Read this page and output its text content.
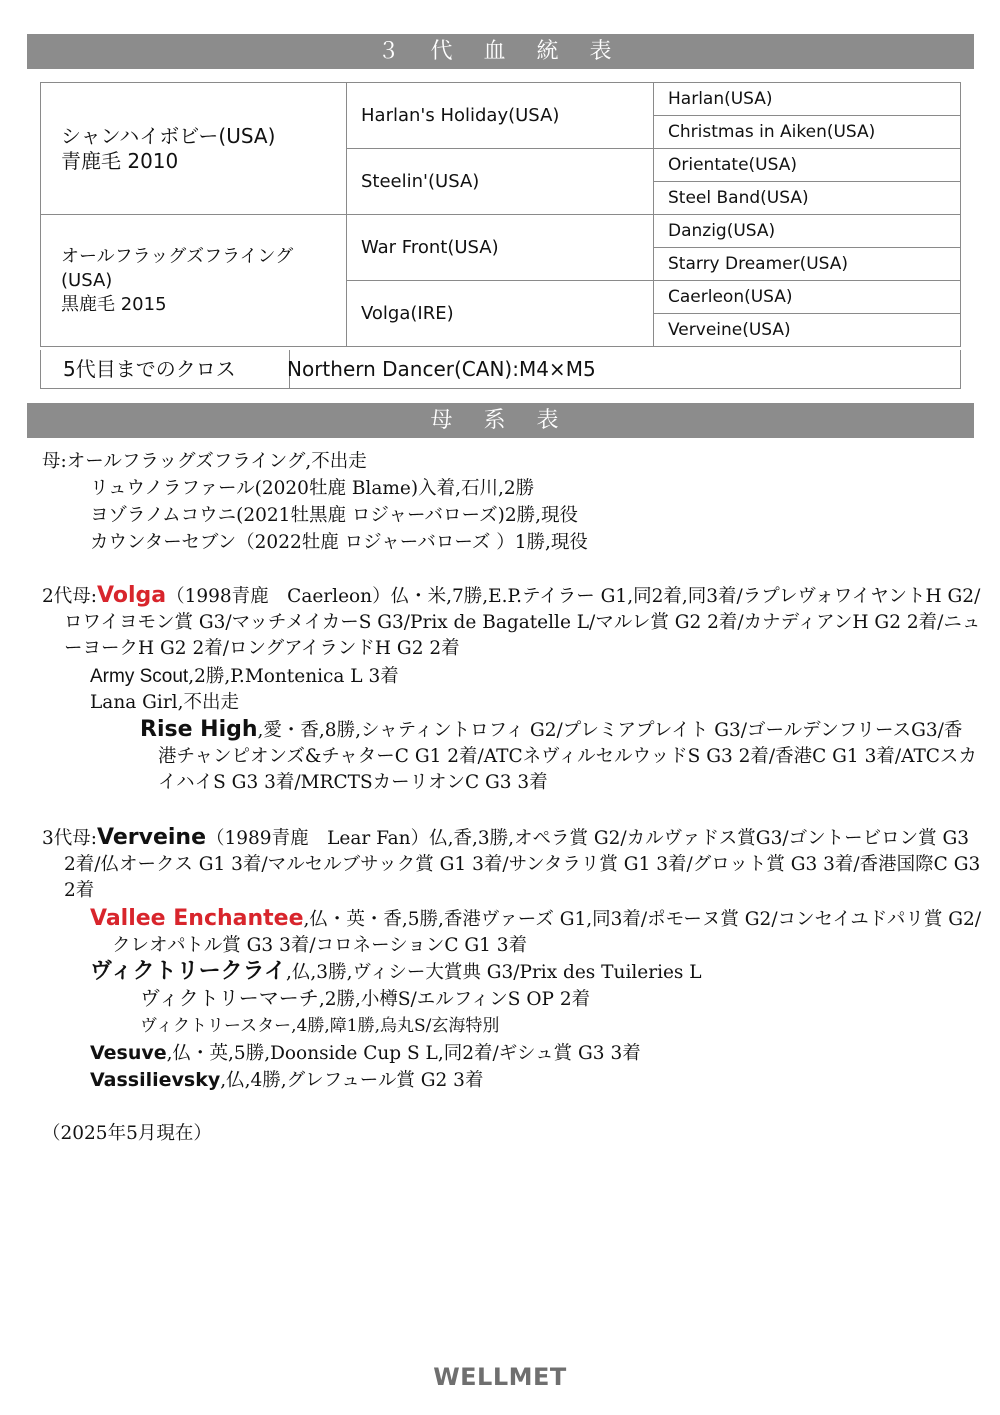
３ 代 血 統 表
シャンハイボビー(USA)
青鹿毛 2010	Harlan's Holiday(USA)	Harlan(USA)
		Christmas in Aiken(USA)
	Steelin'(USA)	Orientate(USA)
		Steel Band(USA)

オールフラッグズフライング
(USA)
黒鹿毛 2015	War Front(USA)	Danzig(USA)
		Starry Dreamer(USA)
	Volga(IRE)	Caerleon(USA)
		Verveine(USA)
5代目までのクロス	Northern Dancer(CAN):M4×M5
母 系 表
母:オールフラッグズフライング,不出走
リュウノラファール(2020牡鹿 Blame)入着,石川,2勝
ヨゾラノムコウニ(2021牡黒鹿 ロジャーバローズ)2勝,現役
カウンターセブン（2022牡鹿 ロジャーバローズ ）1勝,現役
2代母:Volga（1998青鹿　Caerleon）仏・米,7勝,E.P.テイラー G1,同2着,同3着/ラプレヴォワイヤントH G2/ロワイヨモン賞 G3/マッチメイカーS G3/Prix de Bagatelle L/マルレ賞 G2 2着/カナディアンH G2 2着/ニューヨークH G2 2着/ロングアイランドH G2 2着
Army Scout,2勝,P.Montenica L 3着
Lana Girl,不出走
Rise High,愛・香,8勝,シャティントロフィ G2/プレミアプレイト G3/ゴールデンフリースG3/香港チャンピオンズ&チャターC G1 2着/ATCネヴィルセルウッドS G3 2着/香港C G1 3着/ATCスカイハイS G3 3着/MRCTSカーリオンC G3 3着
3代母:Verveine（1989青鹿　Lear Fan）仏,香,3勝,オペラ賞 G2/カルヴァドス賞G3/ゴントービロン賞 G3 2着/仏オークス G1 3着/マルセルブサック賞 G1 3着/サンタラリ賞 G1 3着/グロット賞 G3 3着/香港国際C G3 2着
Vallee Enchantee,仏・英・香,5勝,香港ヴァーズ G1,同3着/ポモーヌ賞 G2/コンセイユドパリ賞 G2/クレオパトル賞 G3 3着/コロネーションC G1 3着
ヴィクトリークライ,仏,3勝,ヴィシー大賞典 G3/Prix des Tuileries L
ヴィクトリーマーチ,2勝,小樽S/エルフィンS OP 2着
ヴィクトリースター,4勝,障1勝,烏丸S/玄海特別
Vesuve,仏・英,5勝,Doonside Cup S L,同2着/ギシュ賞 G3 3着
Vassilievsky,仏,4勝,グレフュール賞 G2 3着
（2025年5月現在）
WELLMET
